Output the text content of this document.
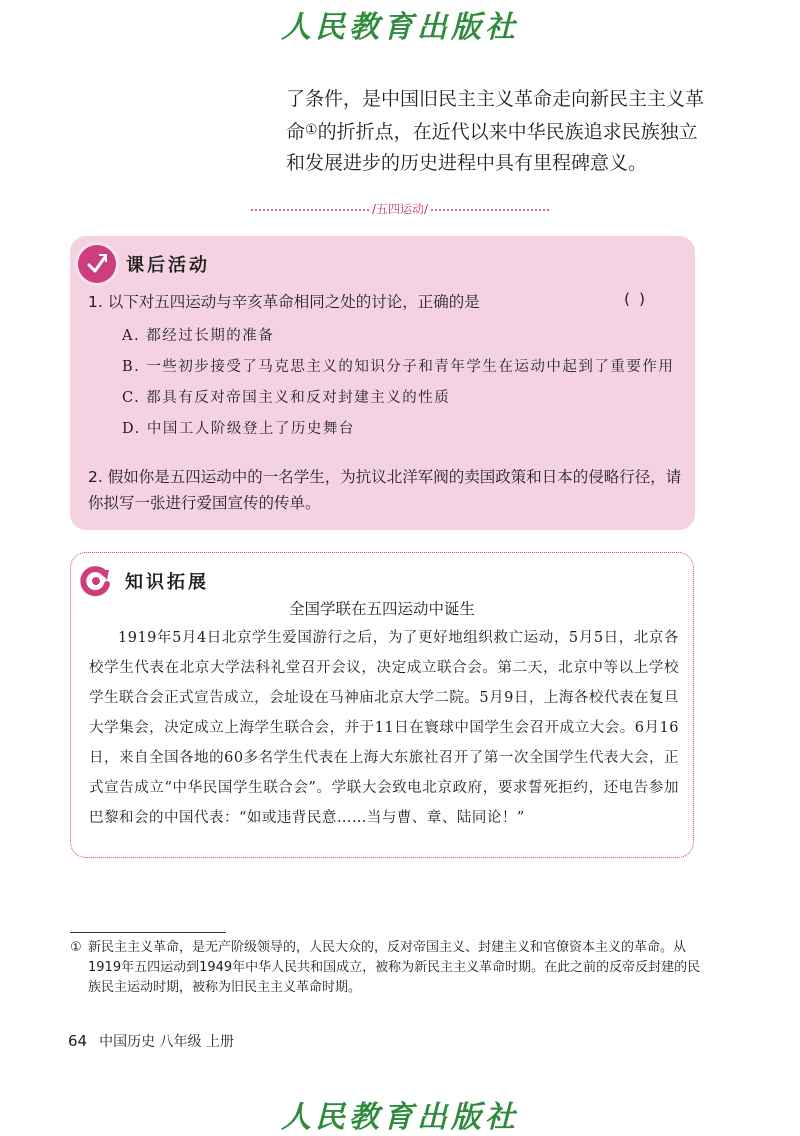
人民教育出版社
了条件，是中国旧民主主义革命走向新民主主义革
命①的折折点，在近代以来中华民族追求民族独立
和发展进步的历史进程中具有里程碑意义。
/五四运动/
课后活动
1. 以下对五四运动与辛亥革命相同之处的讨论，正确的是	( )
A. 都经过长期的准备
B. 一些初步接受了马克思主义的知识分子和青年学生在运动中起到了重要作用
C. 都具有反对帝国主义和反对封建主义的性质
D. 中国工人阶级登上了历史舞台
2. 假如你是五四运动中的一名学生，为抗议北洋军阀的卖国政策和日本的侵略行径，请你拟写一张进行爱国宣传的传单。
知识拓展
全国学联在五四运动中诞生
1919年5月4日北京学生爱国游行之后，为了更好地组织救亡运动，5月5日，北京各校学生代表在北京大学法科礼堂召开会议，决定成立联合会。第二天，北京中等以上学校学生联合会正式宣告成立，会址设在马神庙北京大学二院。5月9日，上海各校代表在复旦大学集会，决定成立上海学生联合会，并于11日在寰球中国学生会召开成立大会。6月16日，来自全国各地的60多名学生代表在上海大东旅社召开了第一次全国学生代表大会，正式宣告成立“中华民国学生联合会”。学联大会致电北京政府，要求誓死拒约，还电告参加巴黎和会的中国代表：“如或违背民意……当与曹、章、陆同论！”
① 新民主主义革命，是无产阶级领导的，人民大众的，反对帝国主义、封建主义和官僚资本主义的革命。从1919年五四运动到1949年中华人民共和国成立，被称为新民主主义革命时期。在此之前的反帝反封建的民族民主运动时期，被称为旧民主主义革命时期。
64 中国历史 八年级 上册
人民教育出版社
